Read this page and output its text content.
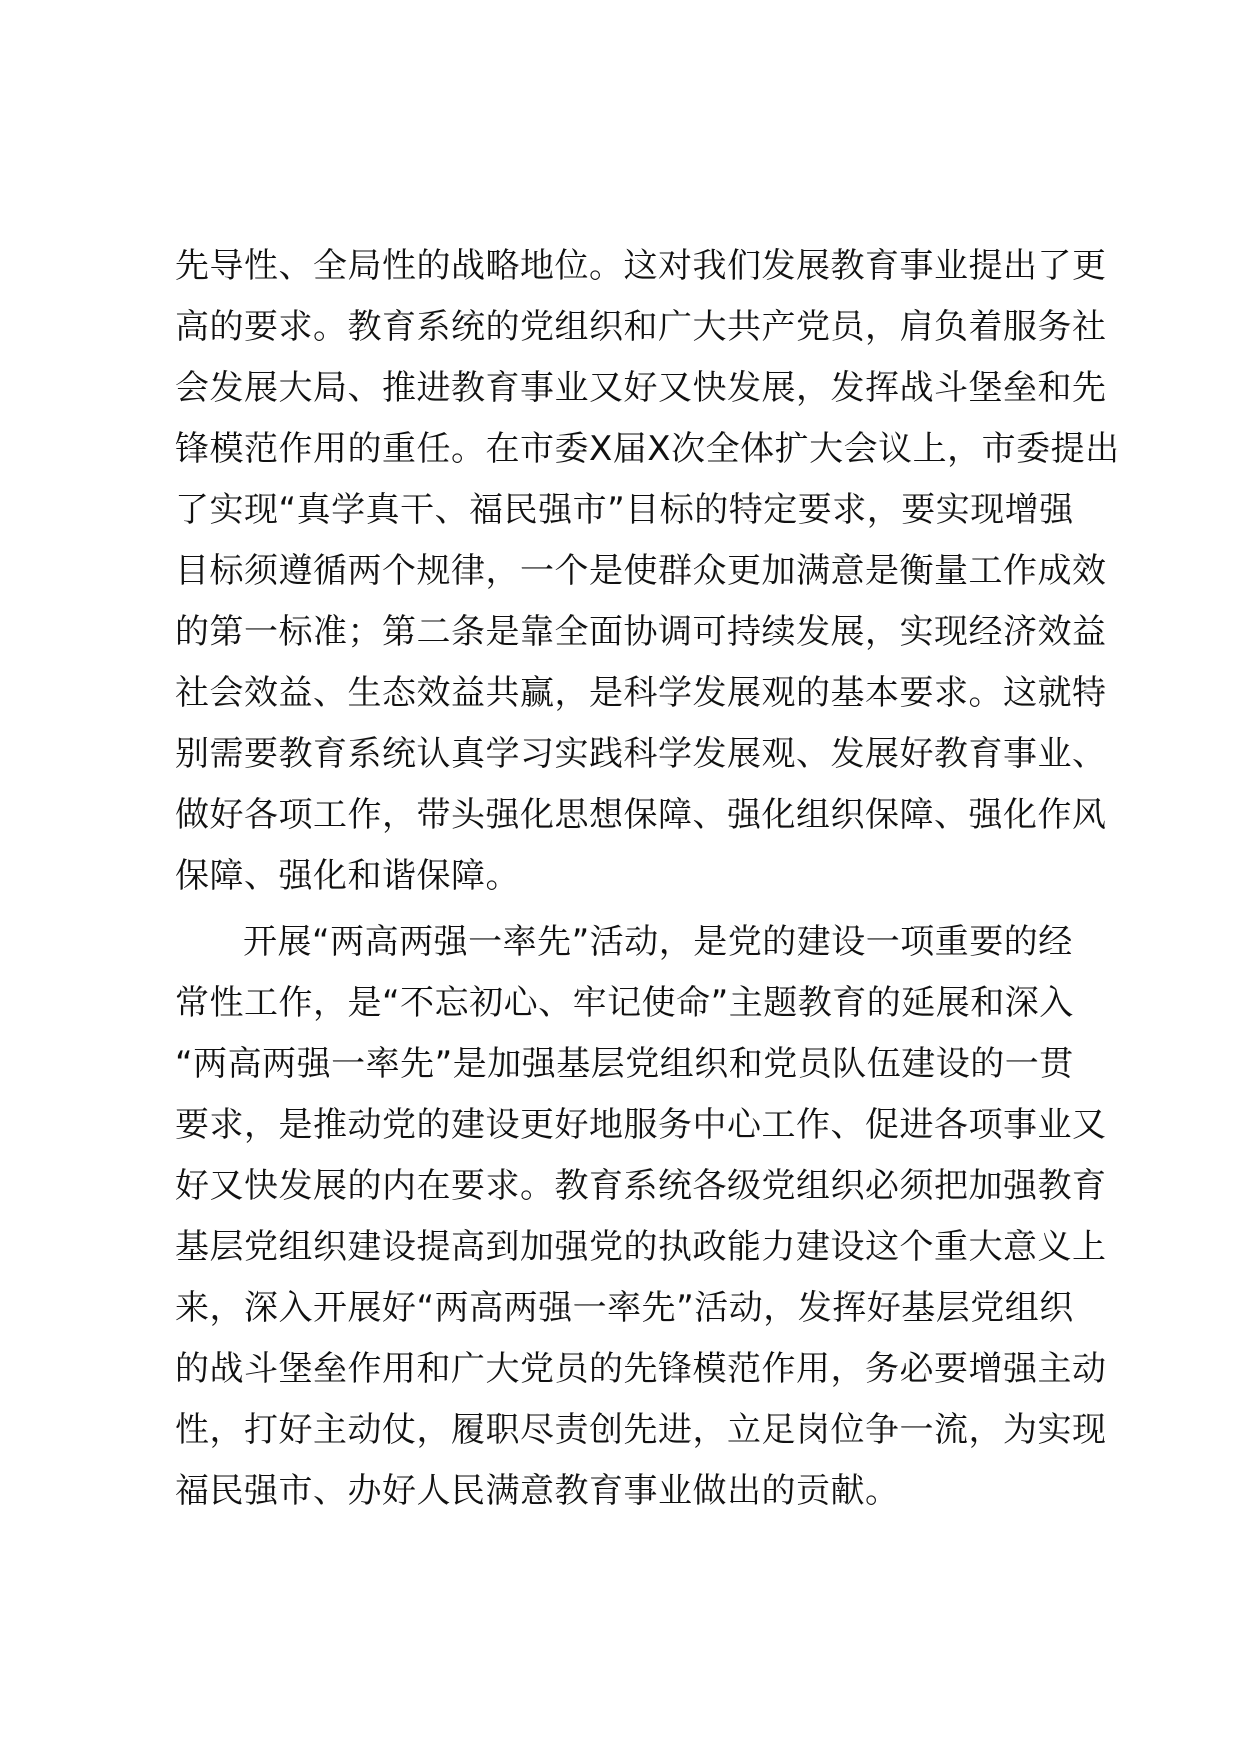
先导性、全局性的战略地位。这对我们发展教育事业提出了更
高的要求。教育系统的党组织和广大共产党员，肩负着服务社
会发展大局、推进教育事业又好又快发展，发挥战斗堡垒和先
锋模范作用的重任。在市委X届X次全体扩大会议上，市委提出
了实现“真学真干、福民强市”目标的特定要求，要实现增强
目标须遵循两个规律，一个是使群众更加满意是衡量工作成效
的第一标准；第二条是靠全面协调可持续发展，实现经济效益
社会效益、生态效益共赢，是科学发展观的基本要求。这就特
别需要教育系统认真学习实践科学发展观、发展好教育事业、
做好各项工作，带头强化思想保障、强化组织保障、强化作风
保障、强化和谐保障。
开展“两高两强一率先”活动，是党的建设一项重要的经
常性工作，是“不忘初心、牢记使命”主题教育的延展和深入
“两高两强一率先”是加强基层党组织和党员队伍建设的一贯
要求，是推动党的建设更好地服务中心工作、促进各项事业又
好又快发展的内在要求。教育系统各级党组织必须把加强教育
基层党组织建设提高到加强党的执政能力建设这个重大意义上
来，深入开展好“两高两强一率先”活动，发挥好基层党组织
的战斗堡垒作用和广大党员的先锋模范作用，务必要增强主动
性，打好主动仗，履职尽责创先进，立足岗位争一流，为实现
福民强市、办好人民满意教育事业做出的贡献。
